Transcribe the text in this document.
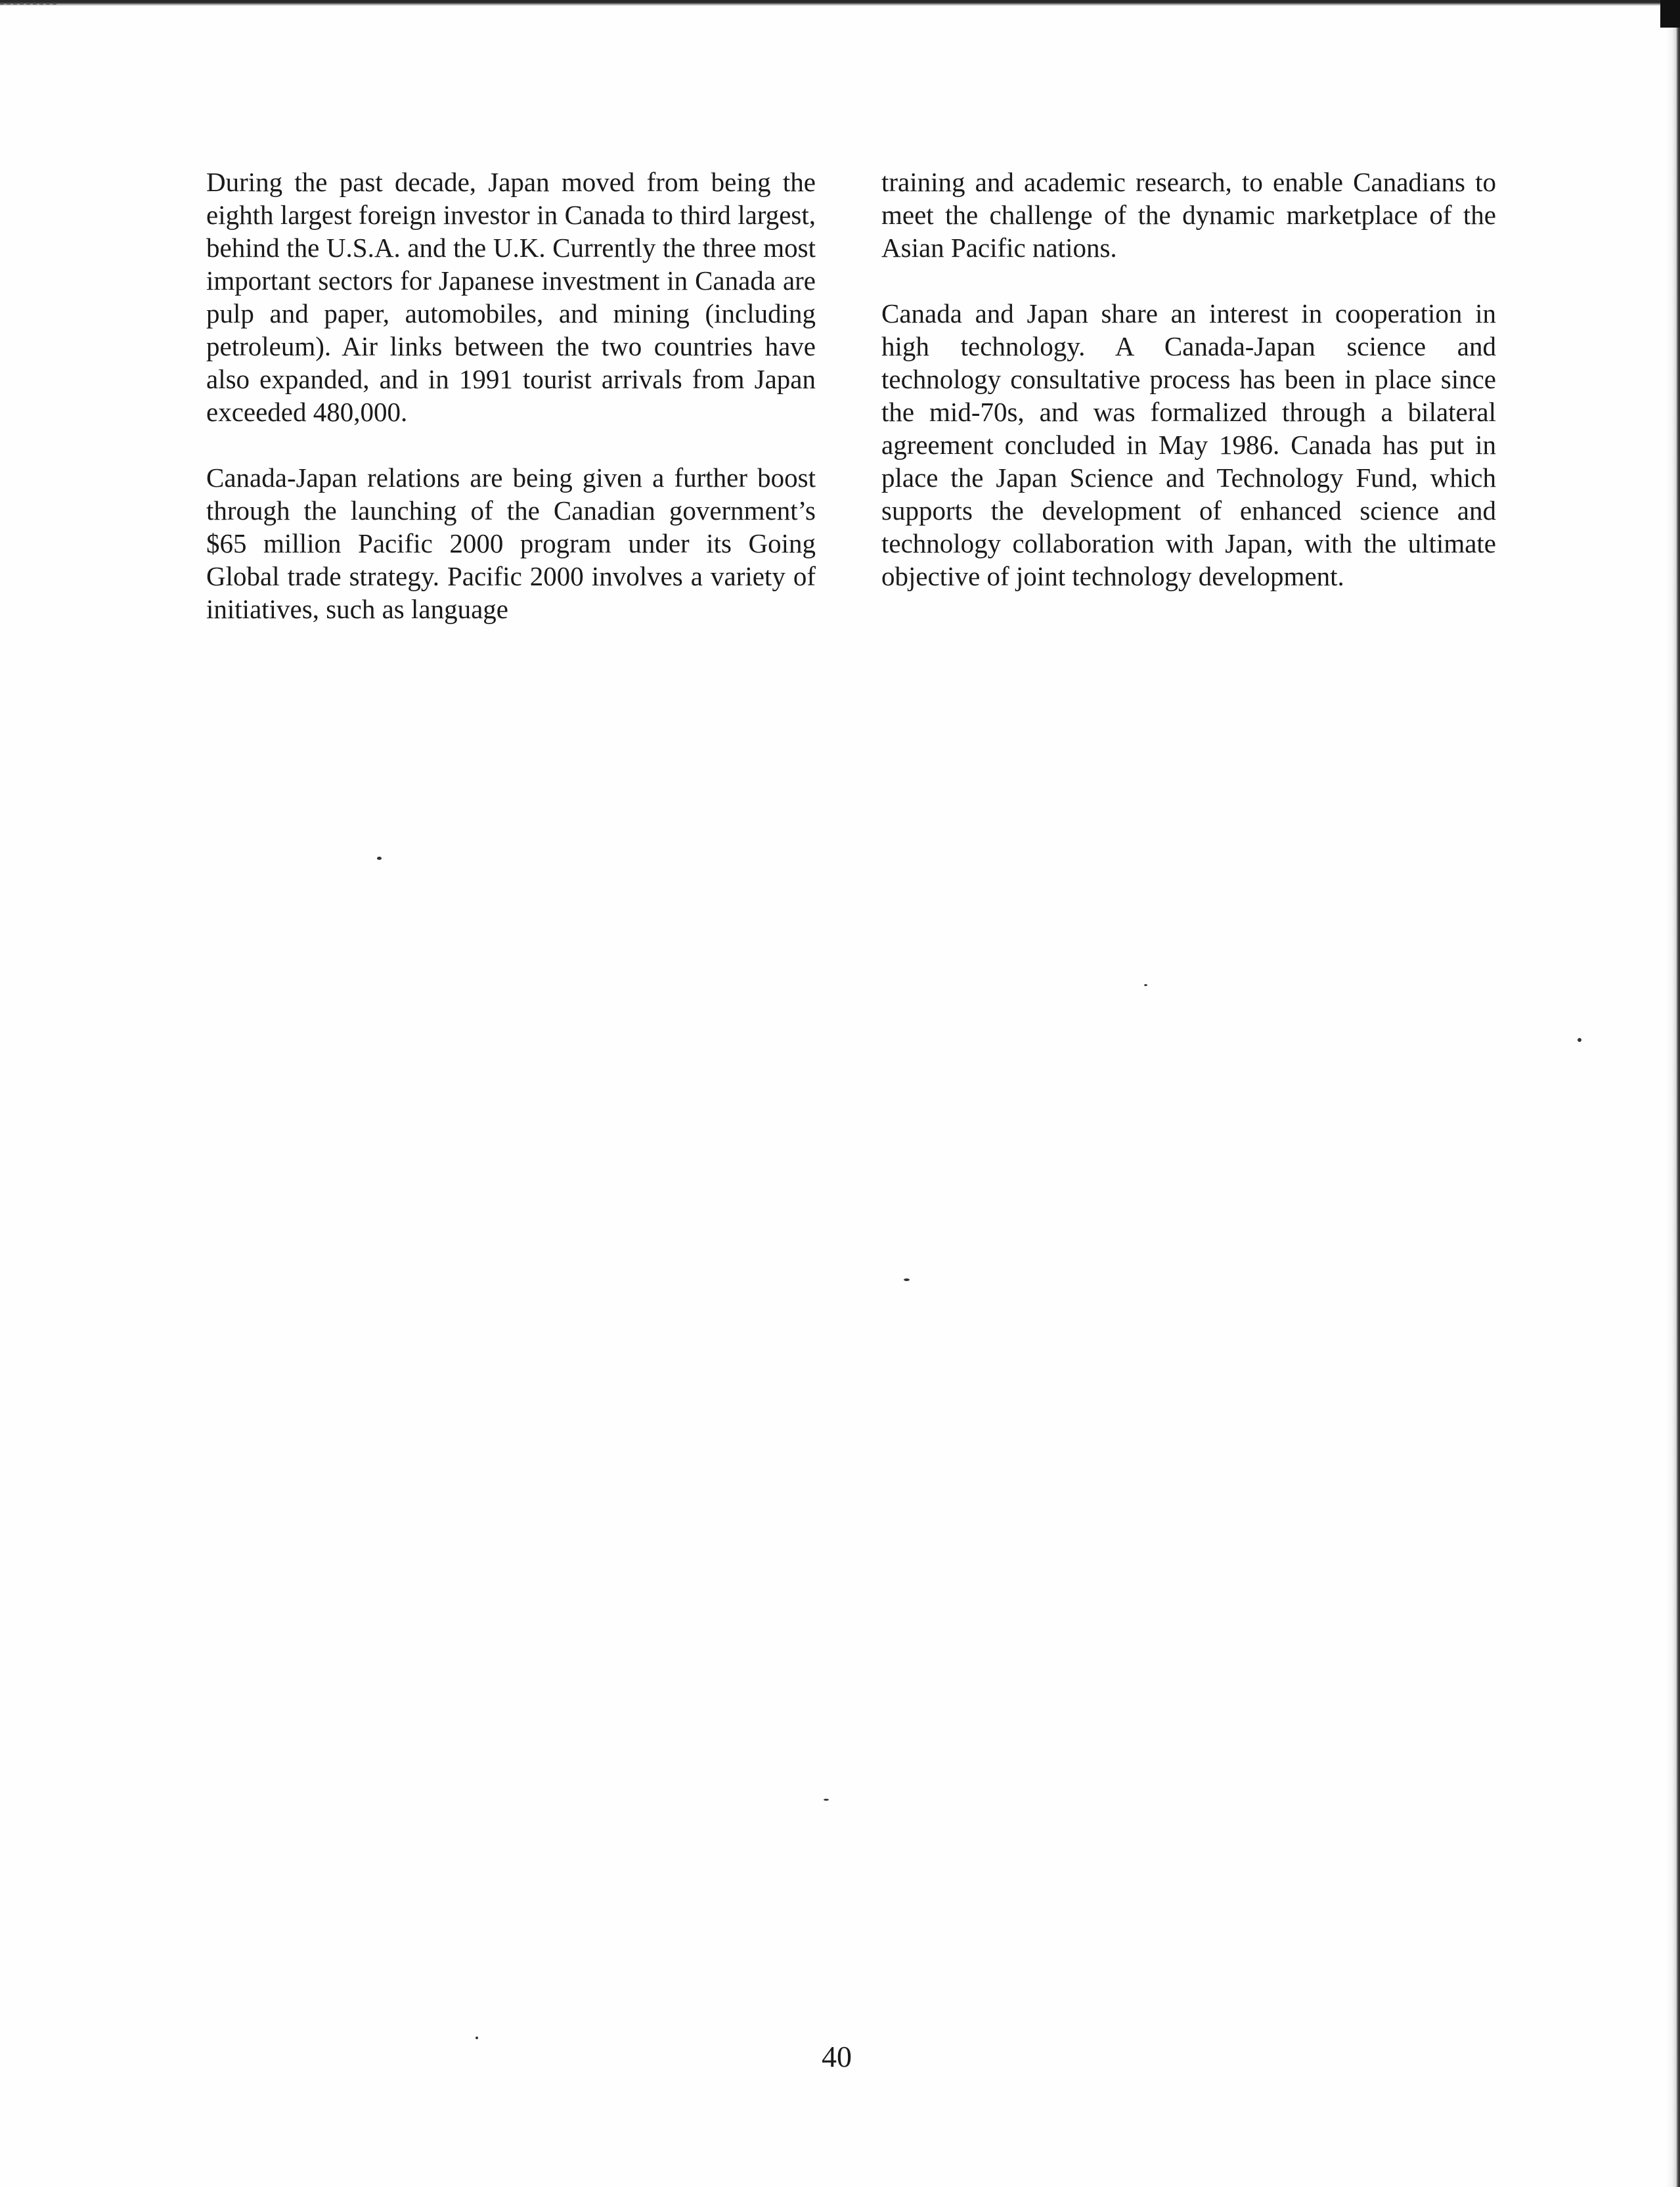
During the past decade, Japan moved from being the eighth largest foreign investor in Canada to third largest, behind the U.S.A. and the U.K. Currently the three most important sectors for Japanese investment in Canada are pulp and paper, automobiles, and mining (including petroleum). Air links between the two countries have also expanded, and in 1991 tourist arrivals from Japan exceeded 480,000.

Canada-Japan relations are being given a further boost through the launching of the Canadian government’s $65 million Pacific 2000 program under its Going Global trade strategy. Pacific 2000 involves a variety of initiatives, such as language

training and academic research, to enable Canadians to meet the challenge of the dynamic marketplace of the Asian Pacific nations.

Canada and Japan share an interest in cooperation in high technology. A Canada-Japan science and technology consultative process has been in place since the mid-70s, and was formalized through a bilateral agreement concluded in May 1986. Canada has put in place the Japan Science and Technology Fund, which supports the development of enhanced science and technology collaboration with Japan, with the ultimate objective of joint technology development.

40
